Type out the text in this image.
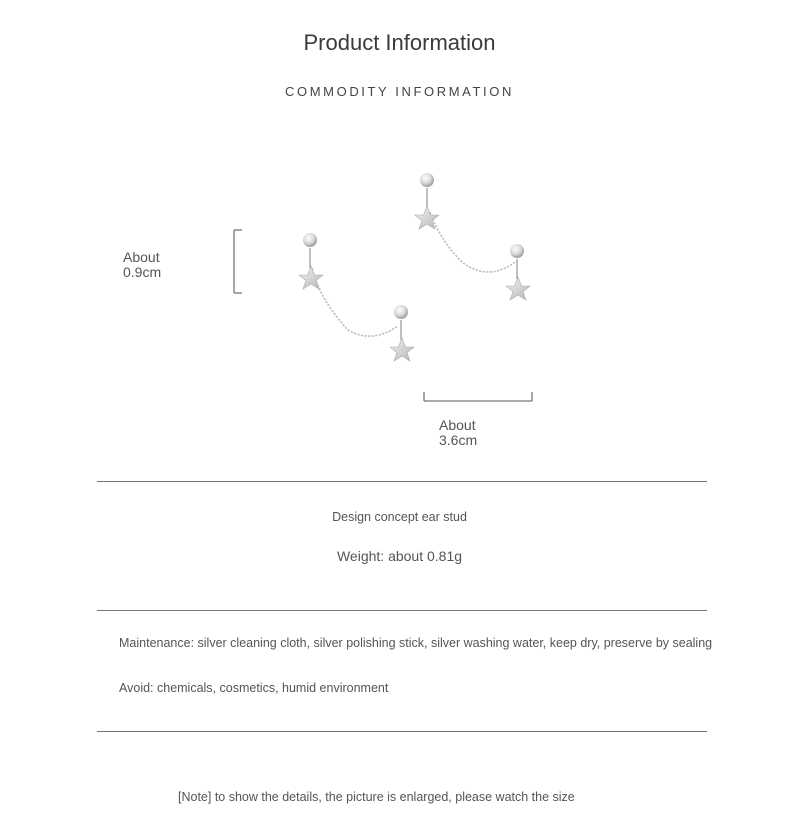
Product Information
COMMODITY INFORMATION
About
0.9cm
About
3.6cm
Design concept ear stud
Weight: about 0.81g
Maintenance: silver cleaning cloth, silver polishing stick, silver washing water, keep dry, preserve by sealing
Avoid: chemicals, cosmetics, humid environment
[Note] to show the details, the picture is enlarged, please watch the size
